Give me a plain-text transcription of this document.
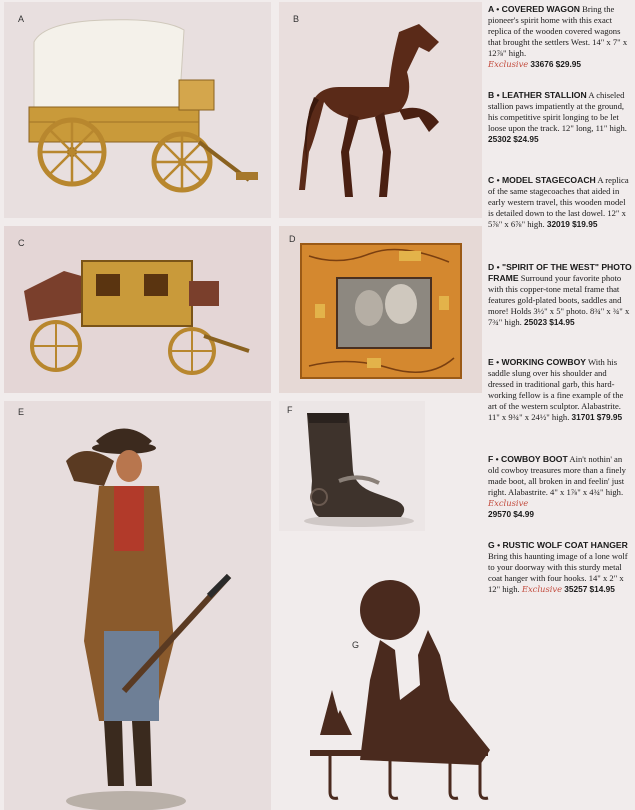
A	B
C	D
E	F
G
A • COVERED WAGON Bring the pioneer's spirit home with this exact replica of the wooden covered wagons that brought the settlers West. 14" x 7" x 12⅞" high.
Exclusive 33676 $29.95
B • LEATHER STALLION A chiseled stallion paws impatiently at the ground, his competitive spirit longing to be let loose upon the track. 12" long, 11" high.
25302 $24.95
C • MODEL STAGECOACH A replica of the same stagecoaches that aided in early western travel, this wooden model is detailed down to the last dowel. 12" x 5⅞" x 6⅞" high. 32019 $19.95
D • "SPIRIT OF THE WEST" PHOTO FRAME Surround your favorite photo with this copper-tone metal frame that features gold-plated boots, saddles and more! Holds 3½" x 5" photo. 8¾" x ¾" x 7¾" high. 25023 $14.95
E • WORKING COWBOY With his saddle slung over his shoulder and dressed in traditional garb, this hard-working fellow is a fine example of the art of the western sculptor. Alabastrite. 11" x 9¾" x 24½" high. 31701 $79.95
F • COWBOY BOOT Ain't nothin' an old cowboy treasures more than a finely made boot, all broken in and feelin' just right. Alabastrite. 4" x 1⅞" x 4¾" high. Exclusive
29570 $4.99
G • RUSTIC WOLF COAT HANGER Bring this haunting image of a lone wolf to your doorway with this sturdy metal coat hanger with four hooks. 14" x 2" x 12" high. Exclusive 35257 $14.95
